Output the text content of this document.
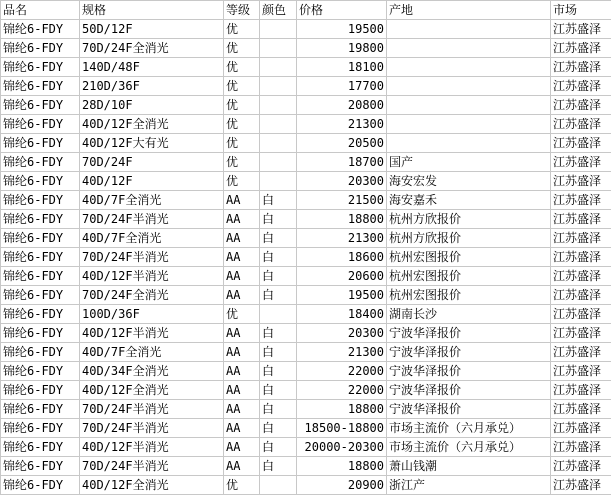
品名	规格	等级	颜色	价格	产地	市场
锦纶6-FDY	50D/12F	优		19500		江苏盛泽
锦纶6-FDY	70D/24F全消光	优		19800		江苏盛泽
锦纶6-FDY	140D/48F	优		18100		江苏盛泽
锦纶6-FDY	210D/36F	优		17700		江苏盛泽
锦纶6-FDY	28D/10F	优		20800		江苏盛泽
锦纶6-FDY	40D/12F全消光	优		21300		江苏盛泽
锦纶6-FDY	40D/12F大有光	优		20500		江苏盛泽
锦纶6-FDY	70D/24F	优		18700	国产	江苏盛泽
锦纶6-FDY	40D/12F	优		20300	海安宏发	江苏盛泽
锦纶6-FDY	40D/7F全消光	AA	白	21500	海安嘉禾	江苏盛泽
锦纶6-FDY	70D/24F半消光	AA	白	18800	杭州方欣报价	江苏盛泽
锦纶6-FDY	40D/7F全消光	AA	白	21300	杭州方欣报价	江苏盛泽
锦纶6-FDY	70D/24F半消光	AA	白	18600	杭州宏图报价	江苏盛泽
锦纶6-FDY	40D/12F半消光	AA	白	20600	杭州宏图报价	江苏盛泽
锦纶6-FDY	70D/24F全消光	AA	白	19500	杭州宏图报价	江苏盛泽
锦纶6-FDY	100D/36F	优		18400	湖南长沙	江苏盛泽
锦纶6-FDY	40D/12F半消光	AA	白	20300	宁波华泽报价	江苏盛泽
锦纶6-FDY	40D/7F全消光	AA	白	21300	宁波华泽报价	江苏盛泽
锦纶6-FDY	40D/34F全消光	AA	白	22000	宁波华泽报价	江苏盛泽
锦纶6-FDY	40D/12F全消光	AA	白	22000	宁波华泽报价	江苏盛泽
锦纶6-FDY	70D/24F半消光	AA	白	18800	宁波华泽报价	江苏盛泽
锦纶6-FDY	70D/24F半消光	AA	白	18500-18800	市场主流价（六月承兑）	江苏盛泽
锦纶6-FDY	40D/12F半消光	AA	白	20000-20300	市场主流价（六月承兑）	江苏盛泽
锦纶6-FDY	70D/24F半消光	AA	白	18800	萧山钱潮	江苏盛泽
锦纶6-FDY	40D/12F全消光	优		20900	浙江产	江苏盛泽
